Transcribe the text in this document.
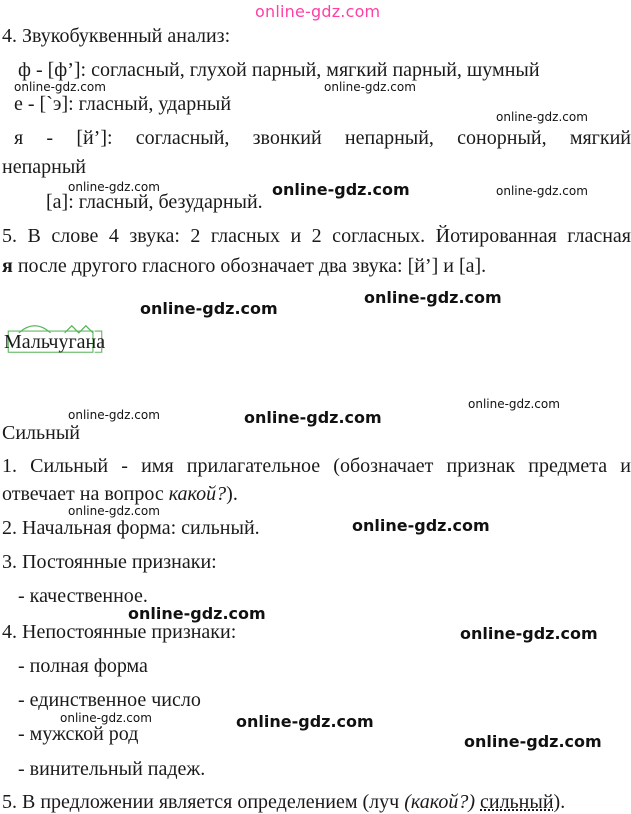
online-gdz.com

4. Звукобуквенный анализ:

ф - [ф’]: согласный, глухой парный, мягкий парный, шумный

online-gdz.com	online-gdz.com

е - [`э]: гласный, ударный

online-gdz.com

я - [й’]: согласный, звонкий непарный, сонорный, мягкий

непарный

online-gdz.com	online-gdz.com	online-gdz.com

[а]: гласный, безударный.

5. В слове 4 звука: 2 гласных и 2 согласных. Йотированная гласная

я после другого гласного обозначает два звука: [й’] и [а].

online-gdz.com
online-gdz.com

Мальчугана

online-gdz.com
online-gdz.com	online-gdz.com

Сильный

1. Сильный - имя прилагательное (обозначает признак предмета и

отвечает на вопрос какой?).

online-gdz.com
online-gdz.com

2. Начальная форма: сильный.

3. Постоянные признаки:

- качественное.

online-gdz.com

4. Непостоянные признаки:	online-gdz.com

- полная форма

- единственное число

online-gdz.com	online-gdz.com

- мужской род	online-gdz.com

- винительный падеж.

5. В предложении является определением (луч (какой?) сильный).
